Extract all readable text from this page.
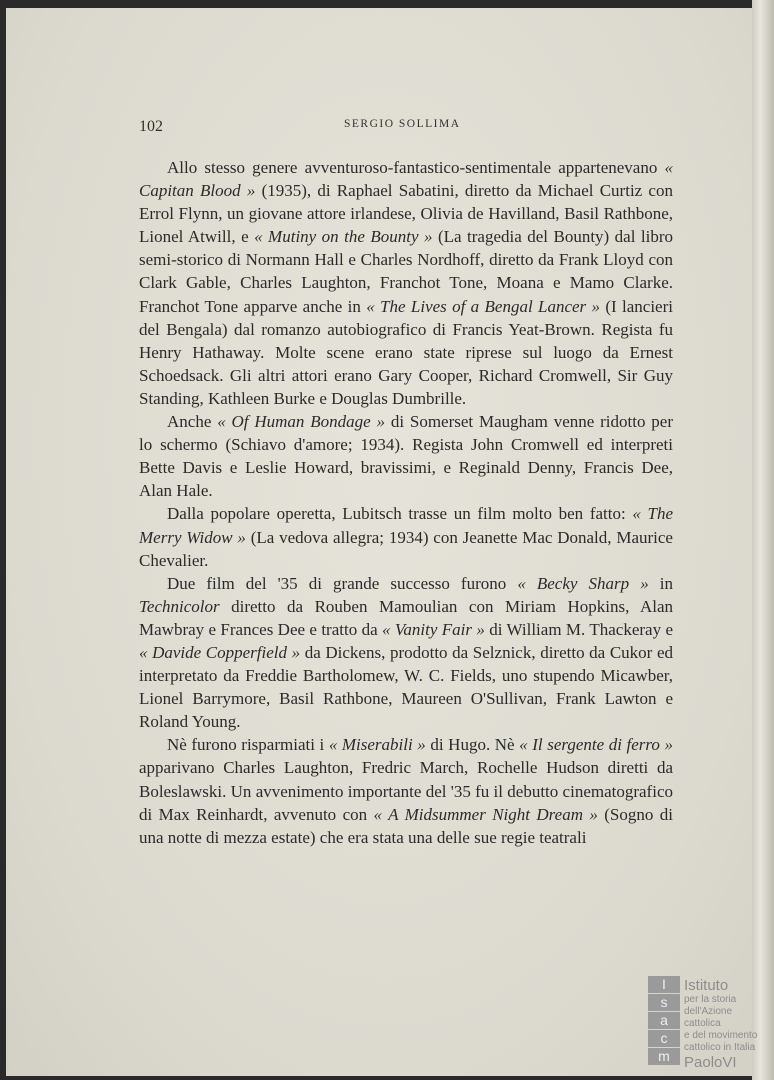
102	SERGIO SOLLIMA

Allo stesso genere avventuroso-fantastico-sentimentale appartenevano « Capitan Blood » (1935), di Raphael Sabatini, diretto da Michael Curtiz con Errol Flynn, un giovane attore irlandese, Olivia de Havilland, Basil Rathbone, Lionel Atwill, e « Mutiny on the Bounty » (La tragedia del Bounty) dal libro semi-storico di Normann Hall e Charles Nordhoff, diretto da Frank Lloyd con Clark Gable, Charles Laughton, Franchot Tone, Moana e Mamo Clarke. Franchot Tone apparve anche in « The Lives of a Bengal Lancer » (I lancieri del Bengala) dal romanzo autobiografico di Francis Yeat-Brown. Regista fu Henry Hathaway. Molte scene erano state riprese sul luogo da Ernest Schoedsack. Gli altri attori erano Gary Cooper, Richard Cromwell, Sir Guy Standing, Kathleen Burke e Douglas Dumbrille.

Anche « Of Human Bondage » di Somerset Maugham venne ridotto per lo schermo (Schiavo d'amore; 1934). Regista John Cromwell ed interpreti Bette Davis e Leslie Howard, bravissimi, e Reginald Denny, Francis Dee, Alan Hale.

Dalla popolare operetta, Lubitsch trasse un film molto ben fatto: « The Merry Widow » (La vedova allegra; 1934) con Jeanette Mac Donald, Maurice Chevalier.

Due film del '35 di grande successo furono « Becky Sharp » in Technicolor diretto da Rouben Mamoulian con Miriam Hopkins, Alan Mawbray e Frances Dee e tratto da « Vanity Fair » di William M. Thackeray e « Davide Copperfield » da Dickens, prodotto da Selznick, diretto da Cukor ed interpretato da Freddie Bartholomew, W. C. Fields, uno stupendo Micawber, Lionel Barrymore, Basil Rathbone, Maureen O'Sullivan, Frank Lawton e Roland Young.

Nè furono risparmiati i « Miserabili » di Hugo. Nè « Il sergente di ferro » apparivano Charles Laughton, Fredric March, Rochelle Hudson diretti da Boleslawski. Un avvenimento importante del '35 fu il debutto cinematografico di Max Reinhardt, avvenuto con « A Midsummer Night Dream » (Sogno di una notte di mezza estate) che era stata una delle sue regie teatrali

I
s
a
c
m
Istituto
per la storia
dell'Azione cattolica
e del movimento
cattolico in Italia
PaoloVI
